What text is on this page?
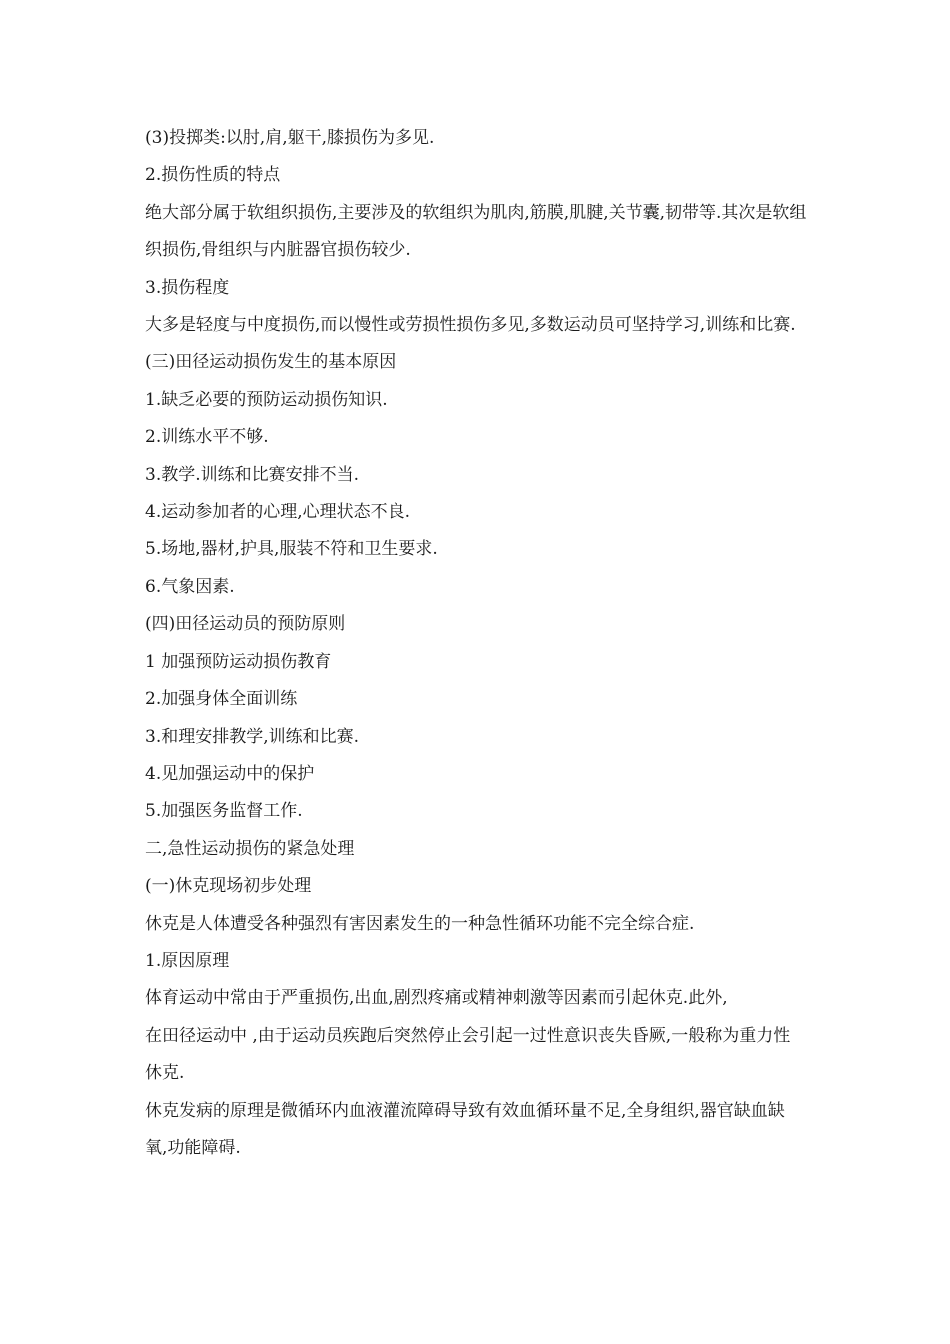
(3)投掷类:以肘,肩,躯干,膝损伤为多见.

2.损伤性质的特点

绝大部分属于软组织损伤,主要涉及的软组织为肌肉,筋膜,肌腱,关节囊,韧带等.其次是软组织损伤,骨组织与内脏器官损伤较少.

3.损伤程度

大多是轻度与中度损伤,而以慢性或劳损性损伤多见,多数运动员可坚持学习,训练和比赛.

(三)田径运动损伤发生的基本原因

1.缺乏必要的预防运动损伤知识.

2.训练水平不够.

3.教学.训练和比赛安排不当.

4.运动参加者的心理,心理状态不良.

5.场地,器材,护具,服装不符和卫生要求.

6.气象因素.

(四)田径运动员的预防原则

1 加强预防运动损伤教育

2.加强身体全面训练

3.和理安排教学,训练和比赛.

4.见加强运动中的保护

5.加强医务监督工作.

二,急性运动损伤的紧急处理

(一)休克现场初步处理

休克是人体遭受各种强烈有害因素发生的一种急性循环功能不完全综合症.

1.原因原理

体育运动中常由于严重损伤,出血,剧烈疼痛或精神刺激等因素而引起休克.此外,

在田径运动中 ,由于运动员疾跑后突然停止会引起一过性意识丧失昏厥,一般称为重力性休克.

休克发病的原理是微循环内血液灌流障碍导致有效血循环量不足,全身组织,器官缺血缺氧,功能障碍.
